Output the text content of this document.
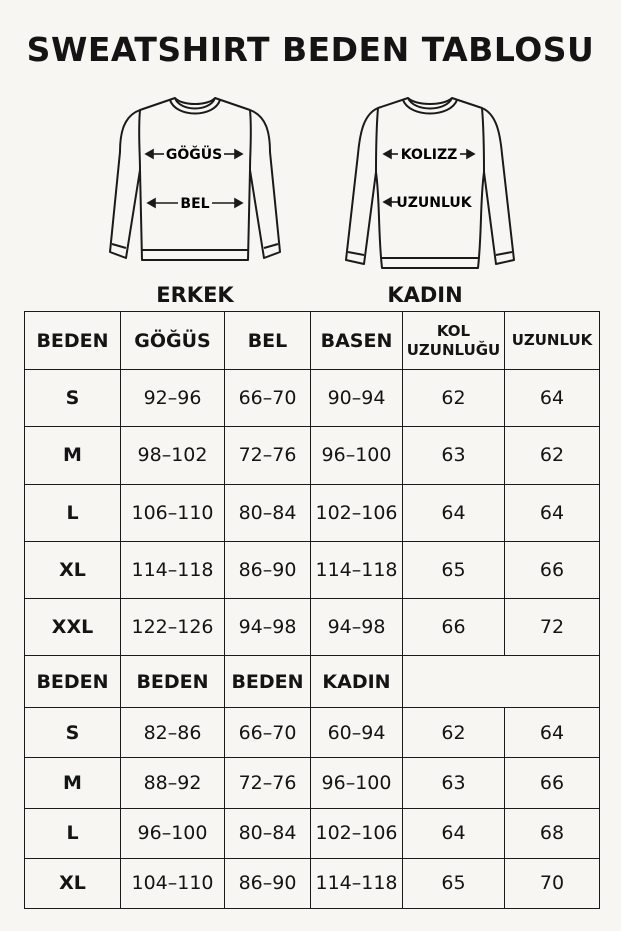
SWEATSHIRT BEDEN TABLOSU
GÖĞÜS
BEL
ERKEK
KOLIZZ
UZUNLUK
KADIN
BEDEN	GÖĞÜS	BEL	BASEN	KOL UZUNLUĞU	UZUNLUK
S	92–96	66–70	90–94	62	64
M	98–102	72–76	96–100	63	62
L	106–110	80–84	102–106	64	64
XL	114–118	86–90	114–118	65	66
XXL	122–126	94–98	94–98	66	72
BEDEN	BEDEN	BEDEN	KADIN		
S	82–86	66–70	60–94	62	64
M	88–92	72–76	96–100	63	66
L	96–100	80–84	102–106	64	68
XL	104–110	86–90	114–118	65	70
